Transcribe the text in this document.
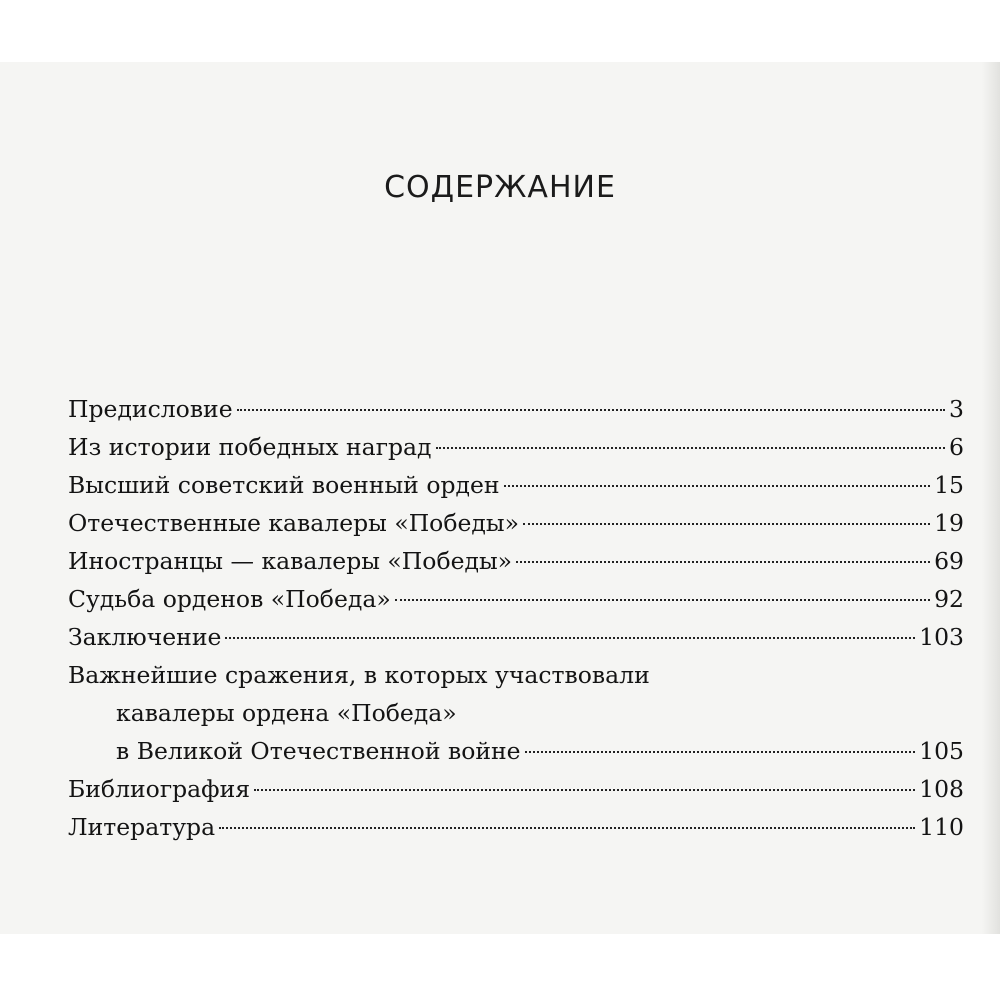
СОДЕРЖАНИЕ
Предисловие	3
Из истории победных наград	6
Высший советский военный орден	15
Отечественные кавалеры «Победы»	19
Иностранцы — кавалеры «Победы»	69
Судьба орденов «Победа»	92
Заключение	103
Важнейшие сражения, в которых участвовали
кавалеры ордена «Победа»
в Великой Отечественной войне	105
Библиография	108
Литература	110
